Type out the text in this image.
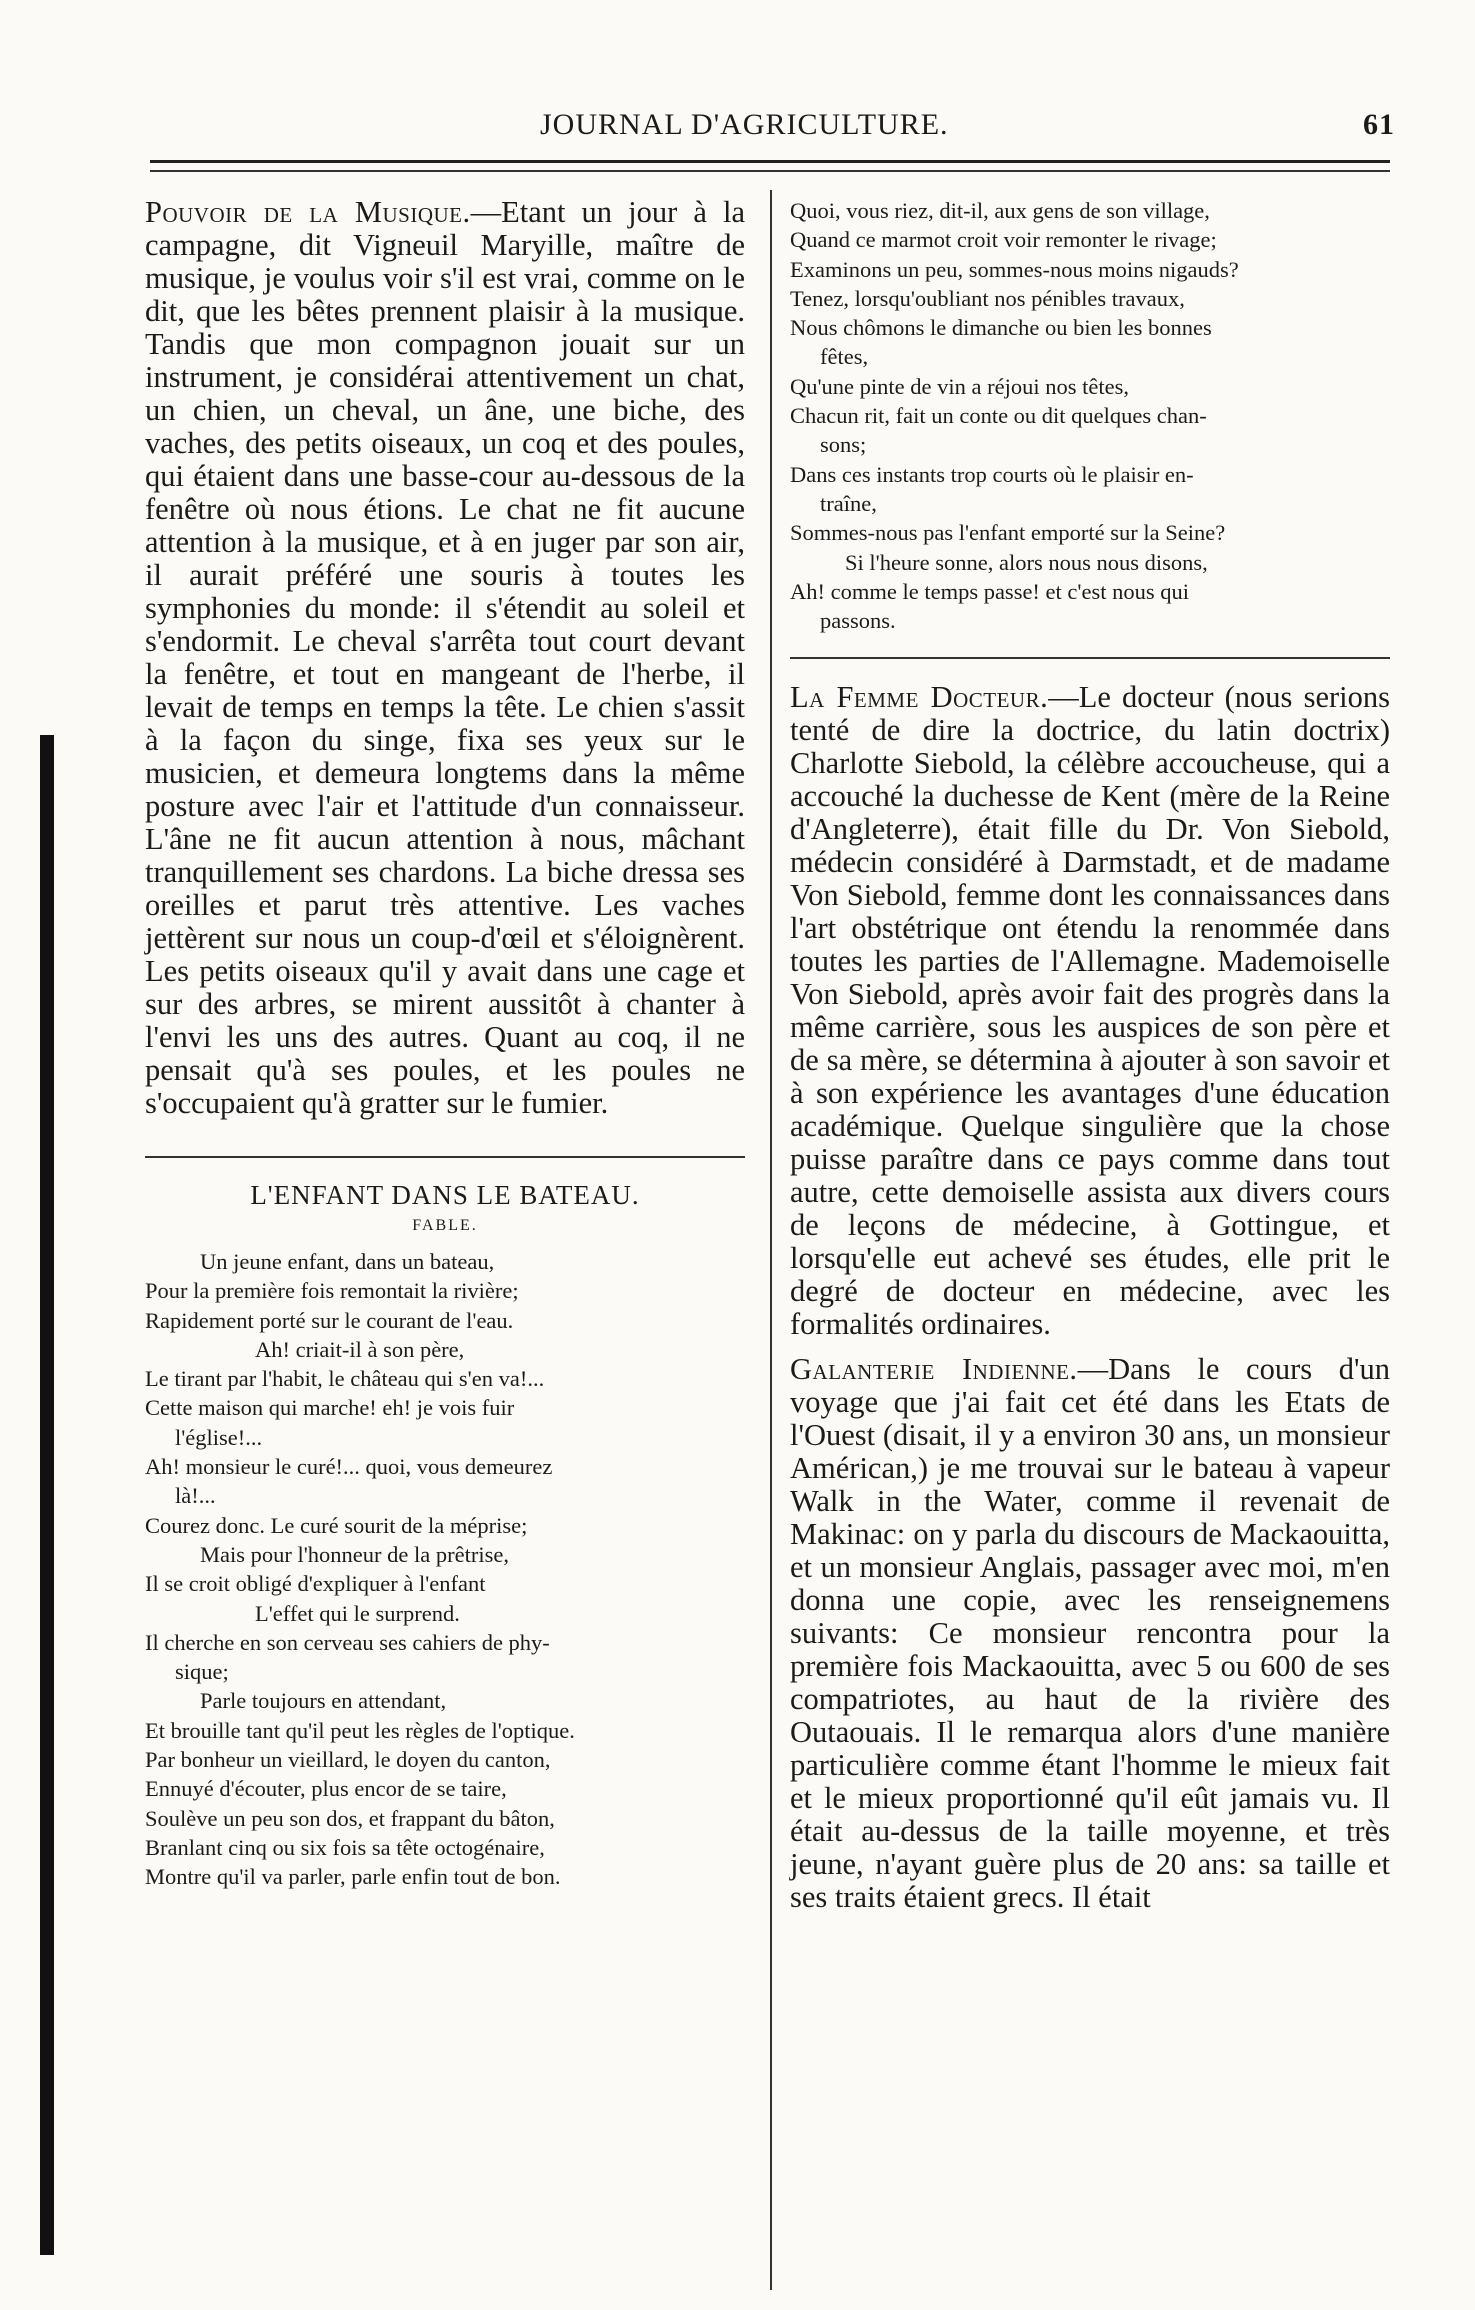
JOURNAL D'AGRICULTURE.	61

Pouvoir de la Musique.—Etant un jour à la campagne, dit Vigneuil Maryille, maître de musique, je voulus voir s'il est vrai, comme on le dit, que les bêtes prennent plaisir à la musique. Tandis que mon compagnon jouait sur un instrument, je considérai attentivement un chat, un chien, un cheval, un âne, une biche, des vaches, des petits oiseaux, un coq et des poules, qui étaient dans une basse-cour au-dessous de la fenêtre où nous étions. Le chat ne fit aucune attention à la musique, et à en juger par son air, il aurait préféré une souris à toutes les symphonies du monde: il s'étendit au soleil et s'endormit. Le cheval s'arrêta tout court devant la fenêtre, et tout en mangeant de l'herbe, il levait de temps en temps la tête. Le chien s'assit à la façon du singe, fixa ses yeux sur le musicien, et demeura longtems dans la même posture avec l'air et l'attitude d'un connaisseur. L'âne ne fit aucun attention à nous, mâchant tranquillement ses chardons. La biche dressa ses oreilles et parut très attentive. Les vaches jettèrent sur nous un coup-d'œil et s'éloignèrent. Les petits oiseaux qu'il y avait dans une cage et sur des arbres, se mirent aussitôt à chanter à l'envi les uns des autres. Quant au coq, il ne pensait qu'à ses poules, et les poules ne s'occupaient qu'à gratter sur le fumier.

L'ENFANT DANS LE BATEAU.
FABLE.
Un jeune enfant, dans un bateau,
Pour la première fois remontait la rivière;
Rapidement porté sur le courant de l'eau.
Ah! criait-il à son père,
Le tirant par l'habit, le château qui s'en va!...
Cette maison qui marche! eh! je vois fuir
l'église!...
Ah! monsieur le curé!... quoi, vous demeurez
là!...
Courez donc. Le curé sourit de la méprise;
Mais pour l'honneur de la prêtrise,
Il se croit obligé d'expliquer à l'enfant
L'effet qui le surprend.
Il cherche en son cerveau ses cahiers de phy-
sique;
Parle toujours en attendant,
Et brouille tant qu'il peut les règles de l'optique.
Par bonheur un vieillard, le doyen du canton,
Ennuyé d'écouter, plus encor de se taire,
Soulève un peu son dos, et frappant du bâton,
Branlant cinq ou six fois sa tête octogénaire,
Montre qu'il va parler, parle enfin tout de bon.
Quoi, vous riez, dit-il, aux gens de son village,
Quand ce marmot croit voir remonter le rivage;
Examinons un peu, sommes-nous moins nigauds?
Tenez, lorsqu'oubliant nos pénibles travaux,
Nous chômons le dimanche ou bien les bonnes
fêtes,
Qu'une pinte de vin a réjoui nos têtes,
Chacun rit, fait un conte ou dit quelques chan-
sons;
Dans ces instants trop courts où le plaisir en-
traîne,
Sommes-nous pas l'enfant emporté sur la Seine?
Si l'heure sonne, alors nous nous disons,
Ah! comme le temps passe! et c'est nous qui
passons.

La Femme Docteur.—Le docteur (nous serions tenté de dire la doctrice, du latin doctrix) Charlotte Siebold, la célèbre accoucheuse, qui a accouché la duchesse de Kent (mère de la Reine d'Angleterre), était fille du Dr. Von Siebold, médecin considéré à Darmstadt, et de madame Von Siebold, femme dont les connaissances dans l'art obstétrique ont étendu la renommée dans toutes les parties de l'Allemagne. Mademoiselle Von Siebold, après avoir fait des progrès dans la même carrière, sous les auspices de son père et de sa mère, se détermina à ajouter à son savoir et à son expérience les avantages d'une éducation académique. Quelque singulière que la chose puisse paraître dans ce pays comme dans tout autre, cette demoiselle assista aux divers cours de leçons de médecine, à Gottingue, et lorsqu'elle eut achevé ses études, elle prit le degré de docteur en médecine, avec les formalités ordinaires.

Galanterie Indienne.—Dans le cours d'un voyage que j'ai fait cet été dans les Etats de l'Ouest (disait, il y a environ 30 ans, un monsieur Américan,) je me trouvai sur le bateau à vapeur Walk in the Water, comme il revenait de Makinac: on y parla du discours de Mackaouitta, et un monsieur Anglais, passager avec moi, m'en donna une copie, avec les renseignemens suivants: Ce monsieur rencontra pour la première fois Mackaouitta, avec 5 ou 600 de ses compatriotes, au haut de la rivière des Outaouais. Il le remarqua alors d'une manière particulière comme étant l'homme le mieux fait et le mieux proportionné qu'il eût jamais vu. Il était au-dessus de la taille moyenne, et très jeune, n'ayant guère plus de 20 ans: sa taille et ses traits étaient grecs. Il était
